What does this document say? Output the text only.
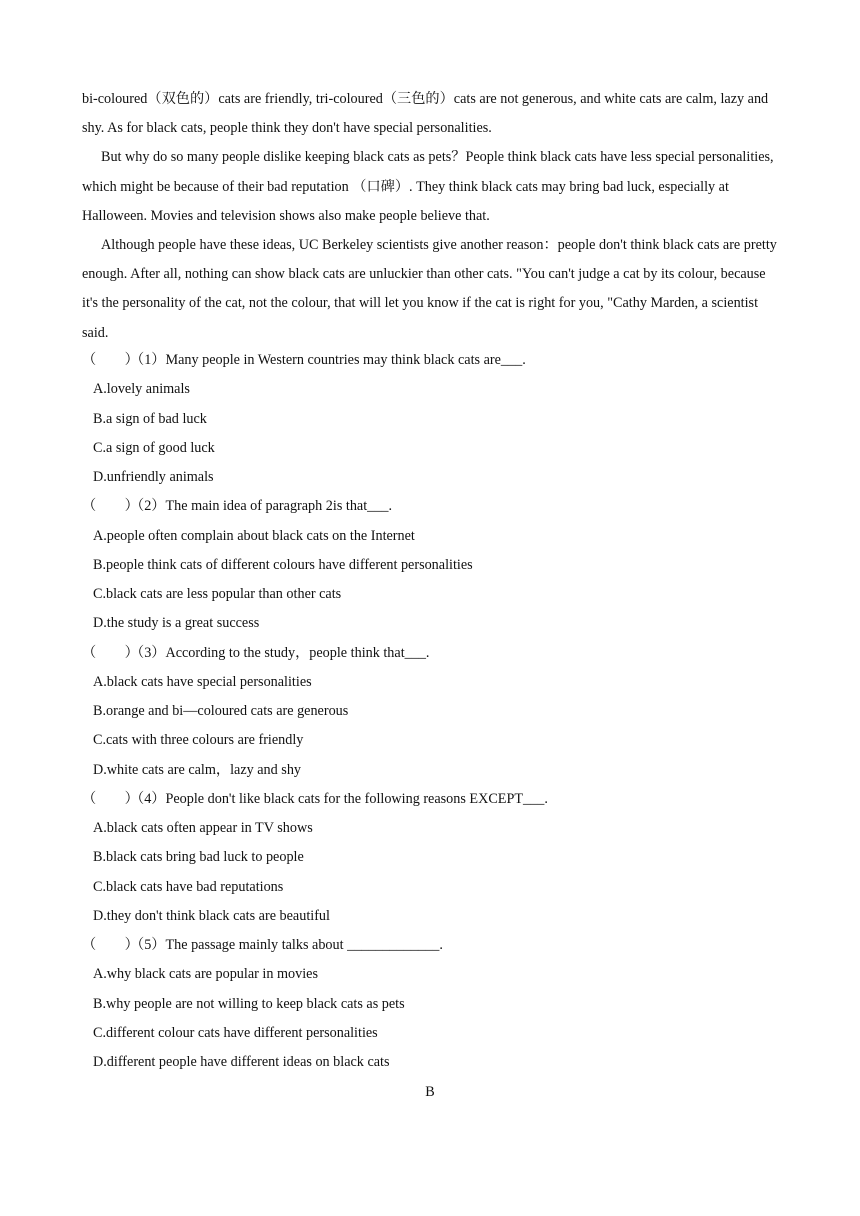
bi-coloured（双色的）cats are friendly, tri-coloured（三色的）cats are not generous, and white cats are calm, lazy and shy. As for black cats, people think they don't have special personalities.

But why do so many people dislike keeping black cats as pets？People think black cats have less special personalities, which might be because of their bad reputation （口碑）. They think black cats may bring bad luck, especially at Halloween. Movies and television shows also make people believe that.

Although people have these ideas, UC Berkeley scientists give another reason：people don't think black cats are pretty enough. After all, nothing can show black cats are unluckier than other cats. "You can't judge a cat by its colour, because it's the personality of the cat, not the colour, that will let you know if the cat is right for you, "Cathy Marden, a scientist said.

（　　）（1）Many people in Western countries may think black cats are___.
A.lovely animals
B.a sign of bad luck
C.a sign of good luck
D.unfriendly animals
（　　）（2）The main idea of paragraph 2is that___.
A.people often complain about black cats on the Internet
B.people think cats of different colours have different personalities
C.black cats are less popular than other cats
D.the study is a great success
（　　）（3）According to the study，people think that___.
A.black cats have special personalities
B.orange and bi—coloured cats are generous
C.cats with three colours are friendly
D.white cats are calm，lazy and shy
（　　）（4）People don't like black cats for the following reasons EXCEPT___.
A.black cats often appear in TV shows
B.black cats bring bad luck to people
C.black cats have bad reputations
D.they don't think black cats are beautiful
（　　）（5）The passage mainly talks about _____________.
A.why black cats are popular in movies
B.why people are not willing to keep black cats as pets
C.different colour cats have different personalities
D.different people have different ideas on black cats
B
